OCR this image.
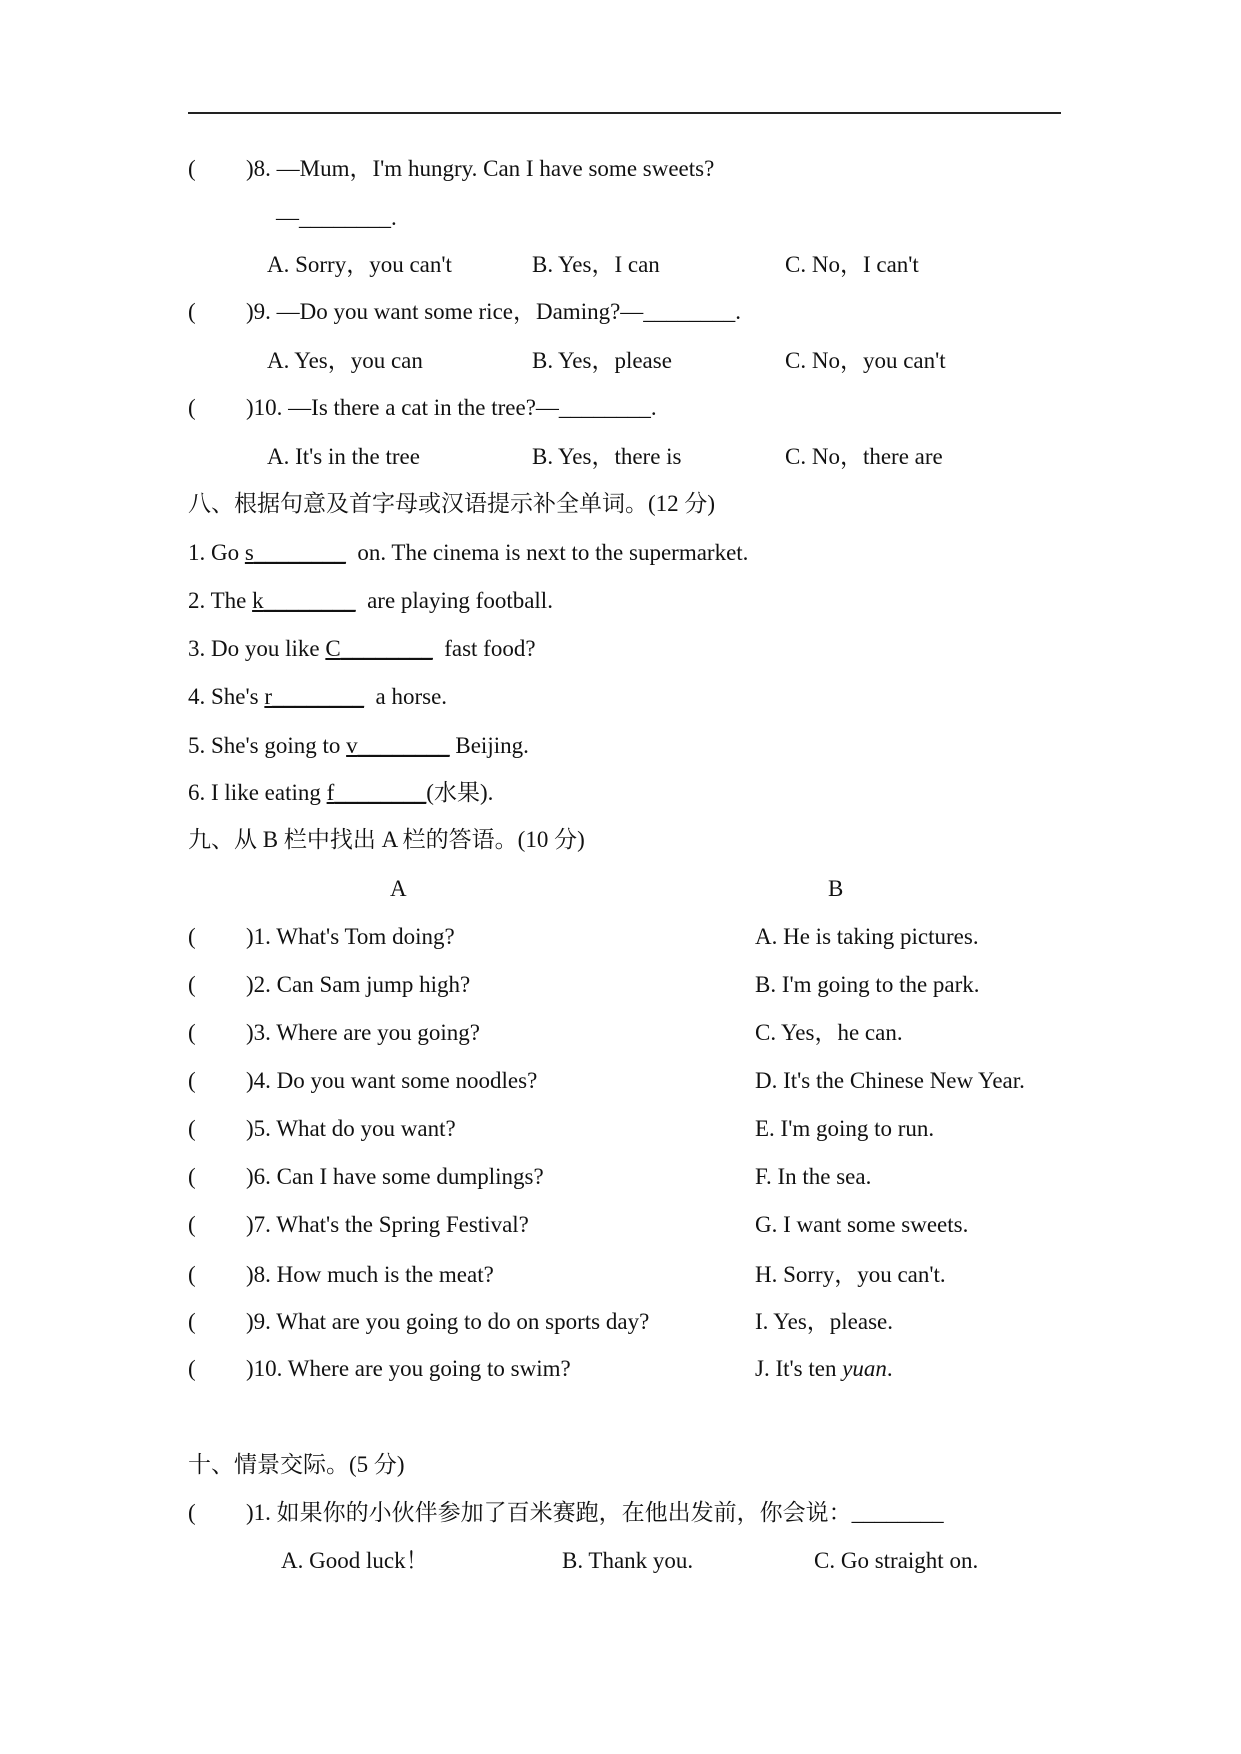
( )8. —Mum，I'm hungry. Can I have some sweets?
—________.
A. Sorry，you can't	B. Yes，I can	C. No，I can't
( )9. —Do you want some rice，Daming?—________.
A. Yes，you can	B. Yes，please	C. No，you can't
( )10. —Is there a cat in the tree?—________.
A. It's in the tree	B. Yes，there is	C. No，there are
八、根据句意及首字母或汉语提示补全单词。(12 分)
1. Go s________  on. The cinema is next to the supermarket.
2. The k________  are playing football.
3. Do you like C________  fast food?
4. She's r________  a horse.
5. She's going to v________ Beijing.
6. I like eating f________(水果).
九、从 B 栏中找出 A 栏的答语。(10 分)
A	B
( )1. What's Tom doing?	A. He is taking pictures.
( )2. Can Sam jump high?	B. I'm going to the park.
( )3. Where are you going?	C. Yes，he can.
( )4. Do you want some noodles?	D. It's the Chinese New Year.
( )5. What do you want?	E. I'm going to run.
( )6. Can I have some dumplings?	F. In the sea.
( )7. What's the Spring Festival?	G. I want some sweets.
( )8. How much is the meat?	H. Sorry，you can't.
( )9. What are you going to do on sports day?	I. Yes，please.
( )10. Where are you going to swim?	J. It's ten yuan.
十、情景交际。(5 分)
( )1. 如果你的小伙伴参加了百米赛跑，在他出发前，你会说：________
A. Good luck！	B. Thank you.	C. Go straight on.
